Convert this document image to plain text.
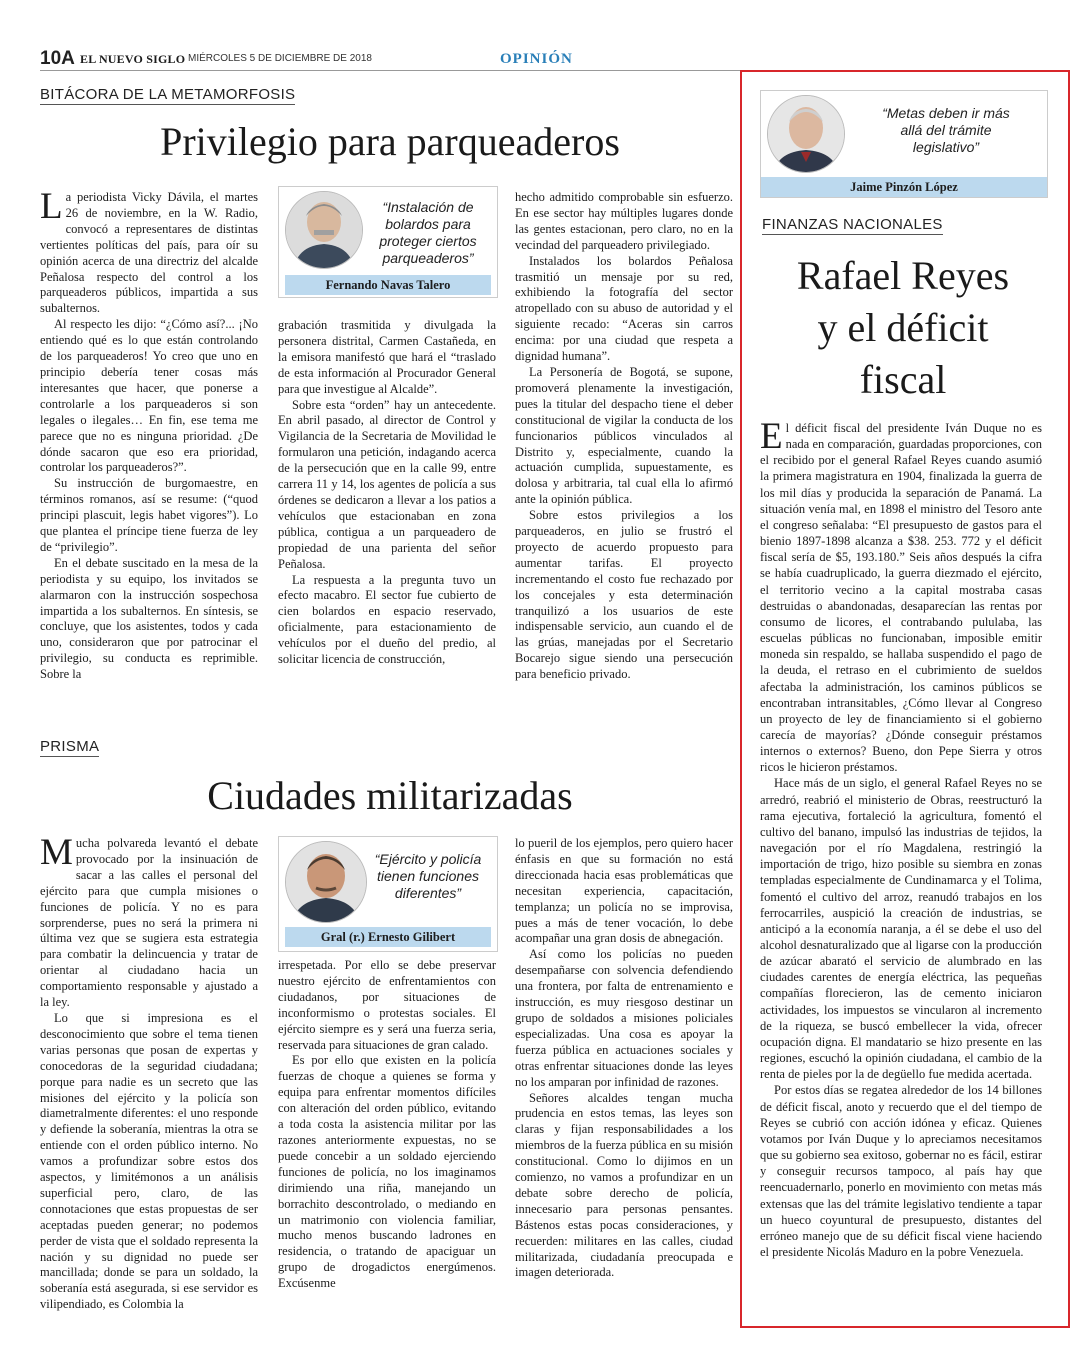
10A EL NUEVO SIGLO MIÉRCOLES 5 DE DICIEMBRE DE 2018	OPINIÓN
BITÁCORA DE LA METAMORFOSIS
Privilegio para parqueaderos

La periodista Vicky Dávila, el martes 26 de noviembre, en la W. Radio, convocó a representares de distintas vertientes políticas del país, para oír su opinión acerca de una directriz del alcalde Peñalosa respecto del control a los parqueaderos públicos, impartida a sus subalternos.

Al respecto les dijo: “¿Cómo así?... ¡No entiendo qué es lo que están controlando de los parqueaderos! Yo creo que uno en principio debería tener cosas más interesantes que hacer, que ponerse a controlarle a los parqueaderos si son legales o ilegales… En fin, ese tema me parece que no es ninguna prioridad. ¿De dónde sacaron que eso era prioridad, controlar los parqueaderos?”.

Su instrucción de burgomaestre, en términos romanos, así se resume: (“quod principi plascuit, legis habet vigores”). Lo que plantea el príncipe tiene fuerza de ley de “privilegio”.

En el debate suscitado en la mesa de la periodista y su equipo, los invitados se alarmaron con la instrucción sospechosa impartida a los subalternos. En síntesis, se concluye, que los asistentes, todos y cada uno, consideraron que por patrocinar el privilegio, su conducta es reprimible. Sobre la

“Instalación de bolardos para proteger ciertos parqueaderos”
Fernando Navas Talero

grabación trasmitida y divulgada la personera distrital, Carmen Castañeda, en la emisora manifestó que hará el “traslado de esta información al Procurador General para que investigue al Alcalde”.

Sobre esta “orden” hay un antecedente. En abril pasado, al director de Control y Vigilancia de la Secretaria de Movilidad le formularon una petición, indagando acerca de la persecución que en la calle 99, entre carrera 11 y 14, los agentes de policía a sus órdenes se dedicaron a llevar a los patios a vehículos que estacionaban en zona pública, contigua a un parqueadero de propiedad de una parienta del señor Peñalosa.

La respuesta a la pregunta tuvo un efecto macabro. El sector fue cubierto de cien bolardos en espacio reservado, oficialmente, para estacionamiento de vehículos por el dueño del predio, al solicitar licencia de construcción,

hecho admitido comprobable sin esfuerzo. En ese sector hay múltiples lugares donde las gentes estacionan, pero claro, no en la vecindad del parqueadero privilegiado.

Instalados los bolardos Peñalosa trasmitió un mensaje por su red, exhibiendo la fotografía del sector atropellado con su abuso de autoridad y el siguiente recado: “Aceras sin carros encima: por una ciudad que respeta a dignidad humana”.

La Personería de Bogotá, se supone, promoverá plenamente la investigación, pues la titular del despacho tiene el deber constitucional de vigilar la conducta de los funcionarios públicos vinculados al Distrito y, especialmente, cuando la actuación cumplida, supuestamente, es dolosa y arbitraria, tal cual ella lo afirmó ante la opinión pública.

Sobre estos privilegios a los parqueaderos, en julio se frustró el proyecto de acuerdo propuesto para aumentar tarifas. El proyecto incrementando el costo fue rechazado por los concejales y esta determinación tranquilizó a los usuarios de este indispensable servicio, aun cuando el de las grúas, manejadas por el Secretario Bocarejo sigue siendo una persecución para beneficio privado.

PRISMA
Ciudades militarizadas

Mucha polvareda levantó el debate provocado por la insinuación de sacar a las calles el personal del ejército para que cumpla misiones o funciones de policía. Y no es para sorprenderse, pues no será la primera ni última vez que se sugiera esta estrategia para combatir la delincuencia y tratar de orientar al ciudadano hacia un comportamiento responsable y ajustado a la ley.

Lo que si impresiona es el desconocimiento que sobre el tema tienen varias personas que posan de expertas y conocedoras de la seguridad ciudadana; porque para nadie es un secreto que las misiones del ejército y la policía son diametralmente diferentes: el uno responde y defiende la soberanía, mientras la otra se entiende con el orden público interno. No vamos a profundizar sobre estos dos aspectos, y limitémonos a un análisis superficial pero, claro, de las connotaciones que estas propuestas de ser aceptadas pueden generar; no podemos perder de vista que el soldado representa la nación y su dignidad no puede ser mancillada; donde se para un soldado, la soberanía está asegurada, si ese servidor es vilipendiado, es Colombia la

“Ejército y policía tienen funciones diferentes”
Gral (r.) Ernesto Gilibert

irrespetada. Por ello se debe preservar nuestro ejército de enfrentamientos con ciudadanos, por situaciones de inconformismo o protestas sociales. El ejército siempre es y será una fuerza seria, reservada para situaciones de gran calado.

Es por ello que existen en la policía fuerzas de choque a quienes se forma y equipa para enfrentar momentos difíciles con alteración del orden público, evitando a toda costa la asistencia militar por las razones anteriormente expuestas, no se puede concebir a un soldado ejerciendo funciones de policía, no los imaginamos dirimiendo una riña, manejando un borrachito descontrolado, o mediando en un matrimonio con violencia familiar, mucho menos buscando ladrones en residencia, o tratando de apaciguar un grupo de drogadictos energúmenos. Excúsenme

lo pueril de los ejemplos, pero quiero hacer énfasis en que su formación no está direccionada hacia esas problemáticas que necesitan experiencia, capacitación, templanza; un policía no se improvisa, pues a más de tener vocación, lo debe acompañar una gran dosis de abnegación.

Así como los policías no pueden desempañarse con solvencia defendiendo una frontera, por falta de entrenamiento e instrucción, es muy riesgoso destinar un grupo de soldados a misiones policiales especializadas. Una cosa es apoyar la fuerza pública en actuaciones sociales y otras enfrentar situaciones donde las leyes no los amparan por infinidad de razones.

Señores alcaldes tengan mucha prudencia en estos temas, las leyes son claras y fijan responsabilidades a los miembros de la fuerza pública en su misión constitucional. Como lo dijimos en un comienzo, no vamos a profundizar en un debate sobre derecho de policía, innecesario para personas pensantes. Bástenos estas pocas consideraciones, y recuerden: militares en las calles, ciudad militarizada, ciudadanía preocupada e imagen deteriorada.

“Metas deben ir más allá del trámite legislativo”
Jaime Pinzón López
FINANZAS NACIONALES
Rafael Reyes
y el déficit
fiscal

El déficit fiscal del presidente Iván Duque no es nada en comparación, guardadas proporciones, con el recibido por el general Rafael Reyes cuando asumió la primera magistratura en 1904, finalizada la guerra de los mil días y producida la separación de Panamá. La situación venía mal, en 1898 el ministro del Tesoro ante el congreso señalaba: “El presupuesto de gastos para el bienio 1897-1898 alcanza a $38. 253. 772 y el déficit fiscal sería de $5, 193.180.” Seis años después la cifra se había cuadruplicado, la guerra diezmado el ejército, el territorio vecino a la capital mostraba casas destruidas o abandonadas, desaparecían las rentas por consumo de licores, el contrabando pululaba, las escuelas públicas no funcionaban, imposible emitir moneda sin respaldo, se hallaba suspendido el pago de la deuda, el retraso en el cubrimiento de sueldos afectaba la administración, los caminos públicos se encontraban intransitables, ¿Cómo llevar al Congreso un proyecto de ley de financiamiento si el gobierno carecía de mayorías? ¿Dónde conseguir préstamos internos o externos? Bueno, don Pepe Sierra y otros ricos le hicieron préstamos.

Hace más de un siglo, el general Rafael Reyes no se arredró, reabrió el ministerio de Obras, reestructuró la rama ejecutiva, fortaleció la agricultura, fomentó el cultivo del banano, impulsó las industrias de tejidos, la navegación por el río Magdalena, restringió la importación de trigo, hizo posible su siembra en zonas templadas especialmente de Cundinamarca y el Tolima, fomentó el cultivo del arroz, reanudó trabajos en los ferrocarriles, auspició la creación de industrias, se anticipó a la economía naranja, a él se debe el uso del alcohol desnaturalizado que al ligarse con la producción de azúcar abarató el servicio de alumbrado en las ciudades carentes de energía eléctrica, las pequeñas compañías florecieron, las de cemento iniciaron actividades, los impuestos se vincularon al incremento de la riqueza, se buscó embellecer la vida, ofrecer ocupación digna. El mandatario se hizo presente en las regiones, escuchó la opinión ciudadana, el cambio de la renta de pieles por la de degüello fue medida acertada.

Por estos días se regatea alrededor de los 14 billones de déficit fiscal, anoto y recuerdo que el del tiempo de Reyes se cubrió con acción idónea y eficaz. Quienes votamos por Iván Duque y lo apreciamos necesitamos que su gobierno sea exitoso, gobernar no es fácil, estirar y conseguir recursos tampoco, al país hay que reencuadernarlo, ponerlo en movimiento con metas más extensas que las del trámite legislativo tendiente a tapar un hueco coyuntural de presupuesto, distantes del erróneo manejo que de su déficit fiscal viene haciendo el presidente Nicolás Maduro en la pobre Venezuela.
